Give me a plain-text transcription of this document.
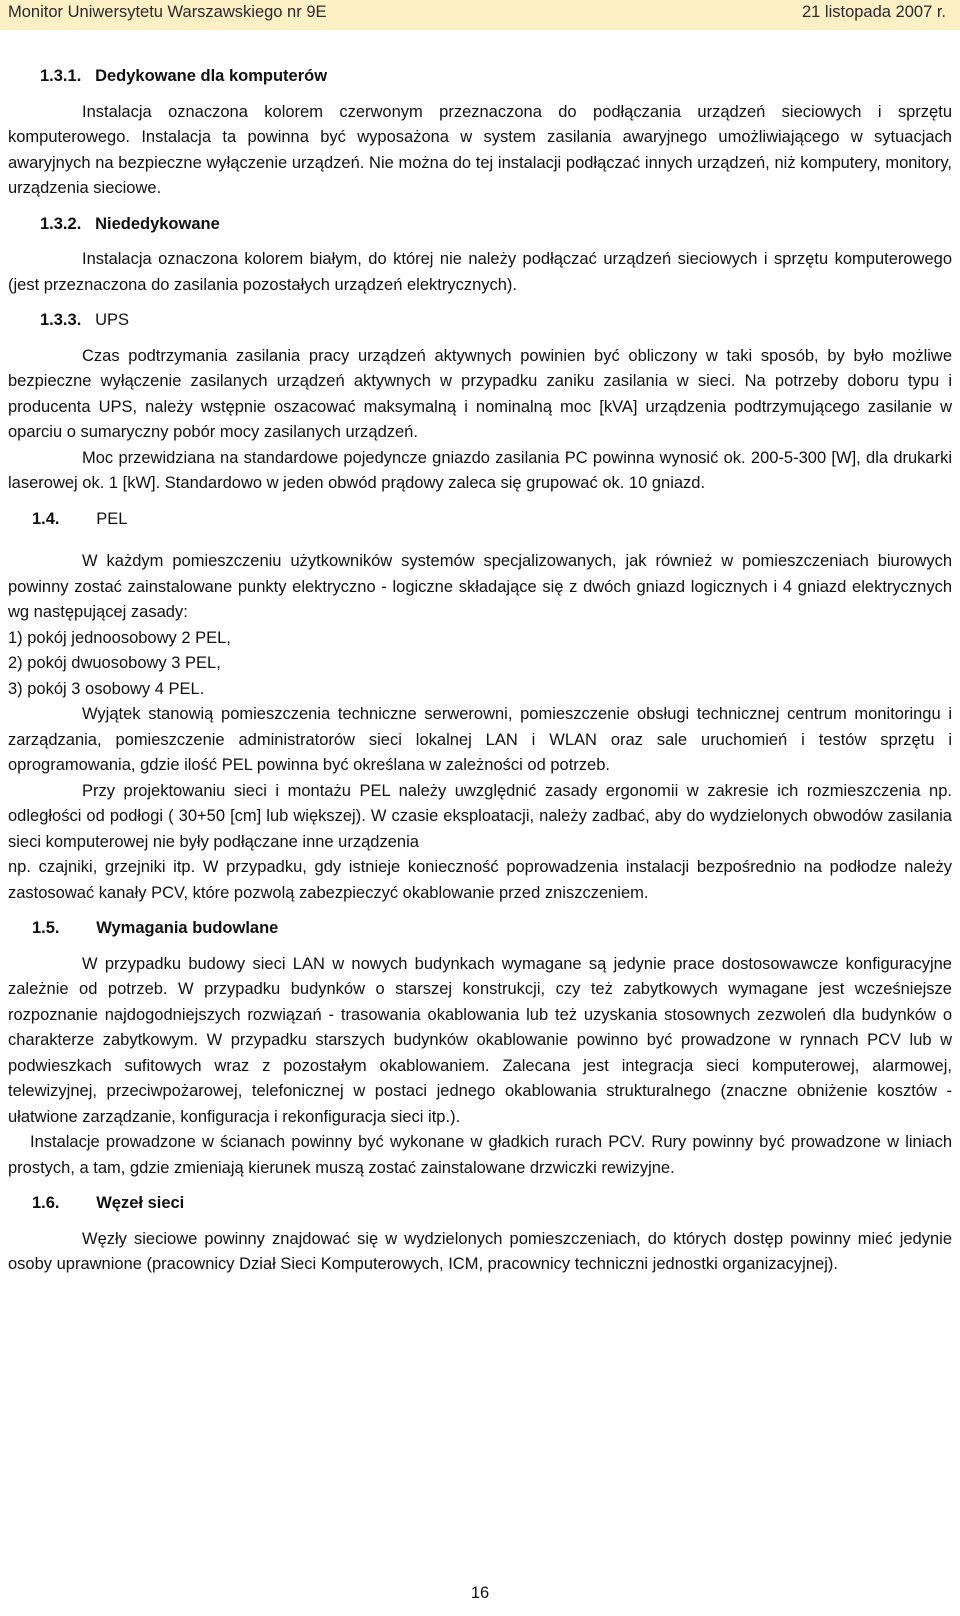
Monitor Uniwersytetu Warszawskiego nr 9E	21 listopada 2007 r.

1.3.1. Dedykowane dla komputerów

Instalacja oznaczona kolorem czerwonym przeznaczona do podłączania urządzeń sieciowych i sprzętu komputerowego. Instalacja ta powinna być wyposażona w system zasilania awaryjnego umożliwiającego w sytuacjach awaryjnych na bezpieczne wyłączenie urządzeń. Nie można do tej instalacji podłączać innych urządzeń, niż komputery, monitory, urządzenia sieciowe.

1.3.2. Niededykowane

Instalacja oznaczona kolorem białym, do której nie należy podłączać urządzeń sieciowych i sprzętu komputerowego (jest przeznaczona do zasilania pozostałych urządzeń elektrycznych).

1.3.3. UPS

Czas podtrzymania zasilania pracy urządzeń aktywnych powinien być obliczony w taki sposób, by było możliwe bezpieczne wyłączenie zasilanych urządzeń aktywnych w przypadku zaniku zasilania w sieci. Na potrzeby doboru typu i producenta UPS, należy wstępnie oszacować maksymalną i nominalną moc [kVA] urządzenia podtrzymującego zasilanie w oparciu o sumaryczny pobór mocy zasilanych urządzeń.

Moc przewidziana na standardowe pojedyncze gniazdo zasilania PC powinna wynosić ok. 200-5-300 [W], dla drukarki laserowej ok. 1 [kW]. Standardowo w jeden obwód prądowy zaleca się grupować ok. 10 gniazd.

1.4. PEL

W każdym pomieszczeniu użytkowników systemów specjalizowanych, jak również w pomieszczeniach biurowych powinny zostać zainstalowane punkty elektryczno - logiczne składające się z dwóch gniazd logicznych i 4 gniazd elektrycznych wg następującej zasady:

1) pokój jednoosobowy 2 PEL,

2) pokój dwuosobowy 3 PEL,

3) pokój 3 osobowy 4 PEL.

Wyjątek stanowią pomieszczenia techniczne serwerowni, pomieszczenie obsługi technicznej centrum monitoringu i zarządzania, pomieszczenie administratorów sieci lokalnej LAN i WLAN oraz sale uruchomień i testów sprzętu i oprogramowania, gdzie ilość PEL powinna być określana w zależności od potrzeb.

Przy projektowaniu sieci i montażu PEL należy uwzględnić zasady ergonomii w zakresie ich rozmieszczenia np. odległości od podłogi ( 30+50 [cm] lub większej). W czasie eksploatacji, należy zadbać, aby do wydzielonych obwodów zasilania sieci komputerowej nie były podłączane inne urządzenia

np. czajniki, grzejniki itp. W przypadku, gdy istnieje konieczność poprowadzenia instalacji bezpośrednio na podłodze należy zastosować kanały PCV, które pozwolą zabezpieczyć okablowanie przed zniszczeniem.

1.5. Wymagania budowlane

W przypadku budowy sieci LAN w nowych budynkach wymagane są jedynie prace dostosowawcze konfiguracyjne zależnie od potrzeb. W przypadku budynków o starszej konstrukcji, czy też zabytkowych wymagane jest wcześniejsze rozpoznanie najdogodniejszych rozwiązań - trasowania okablowania lub też uzyskania stosownych zezwoleń dla budynków o charakterze zabytkowym. W przypadku starszych budynków okablowanie powinno być prowadzone w rynnach PCV lub w podwieszkach sufitowych wraz z pozostałym okablowaniem. Zalecana jest integracja sieci komputerowej, alarmowej, telewizyjnej, przeciwpożarowej, telefonicznej w postaci jednego okablowania strukturalnego (znaczne obniżenie kosztów - ułatwione zarządzanie, konfiguracja i rekonfiguracja sieci itp.).

Instalacje prowadzone w ścianach powinny być wykonane w gładkich rurach PCV. Rury powinny być prowadzone w liniach prostych, a tam, gdzie zmieniają kierunek muszą zostać zainstalowane drzwiczki rewizyjne.

1.6. Węzeł sieci

Węzły sieciowe powinny znajdować się w wydzielonych pomieszczeniach, do których dostęp powinny mieć jedynie osoby uprawnione (pracownicy Dział Sieci Komputerowych, ICM, pracownicy techniczni jednostki organizacyjnej).

16
